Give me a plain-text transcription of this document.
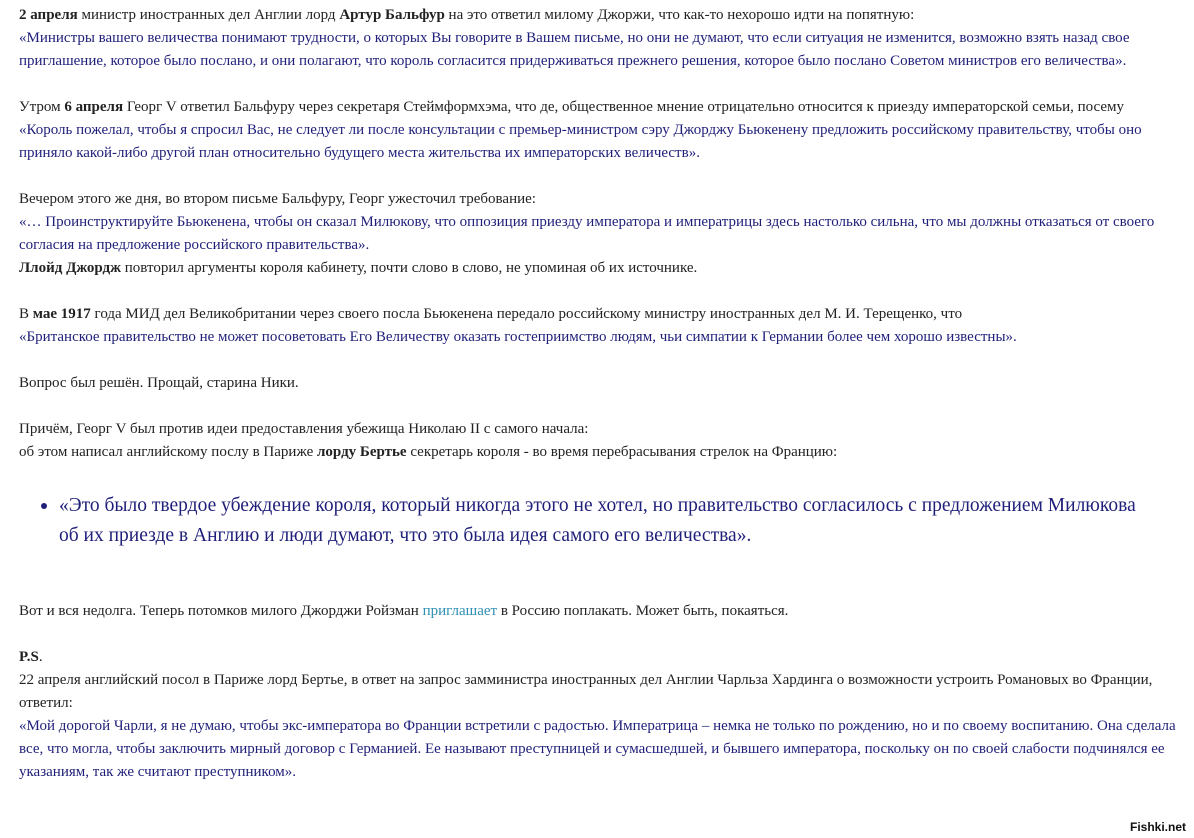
2 апреля министр иностранных дел Англии лорд Артур Бальфур на это ответил милому Джоржи, что как-то нехорошо идти на попятную:

«Министры вашего величества понимают трудности, о которых Вы говорите в Вашем письме, но они не думают, что если ситуация не изменится, возможно взять назад свое приглашение, которое было послано, и они полагают, что король согласится придерживаться прежнего решения, которое было послано Советом министров его величества».

Утром 6 апреля Георг V ответил Бальфуру через секретаря Стеймформхэма, что де, общественное мнение отрицательно относится к приезду императорской семьи, посему «Король пожелал, чтобы я спросил Вас, не следует ли после консультации с премьер-министром сэру Джорджу Бьюкенену предложить российскому правительству, чтобы оно приняло какой-либо другой план относительно будущего места жительства их императорских величеств».

Вечером этого же дня, во втором письме Бальфуру, Георг ужесточил требование:

«… Проинструктируйте Бьюкенена, чтобы он сказал Милюкову, что оппозиция приезду императора и императрицы здесь настолько сильна, что мы должны отказаться от своего согласия на предложение российского правительства».

Ллойд Джордж повторил аргументы короля кабинету, почти слово в слово, не упоминая об их источнике.

В мае 1917 года МИД дел Великобритании через своего посла Бьюкенена передало российскому министру иностранных дел М. И. Терещенко, что

«Британское правительство не может посоветовать Его Величеству оказать гостеприимство людям, чьи симпатии к Германии более чем хорошо известны».

Вопрос был решён. Прощай, старина Ники.

Причём, Георг V был против идеи предоставления убежища Николаю II с самого начала:

об этом написал английскому послу в Париже лорду Бертье секретарь короля - во время перебрасывания стрелок на Францию:

«Это было твердое убеждение короля, который никогда этого не хотел, но правительство согласилось с предложением Милюкова об их приезде в Англию и люди думают, что это была идея самого его величества».

Вот и вся недолга. Теперь потомков милого Джорджи Ройзман приглашает в Россию поплакать. Может быть, покаяться.

P.S.

22 апреля английский посол в Париже лорд Бертье, в ответ на запрос замминистра иностранных дел Англии Чарльза Хардинга о возможности устроить Романовых во Франции, ответил:

«Мой дорогой Чарли, я не думаю, чтобы экс-императора во Франции встретили с радостью. Императрица – немка не только по рождению, но и по своему воспитанию. Она сделала все, что могла, чтобы заключить мирный договор с Германией. Ее называют преступницей и сумасшедшей, и бывшего императора, поскольку он по своей слабости подчинялся ее указаниям, так же считают преступником».

Fishki.net
